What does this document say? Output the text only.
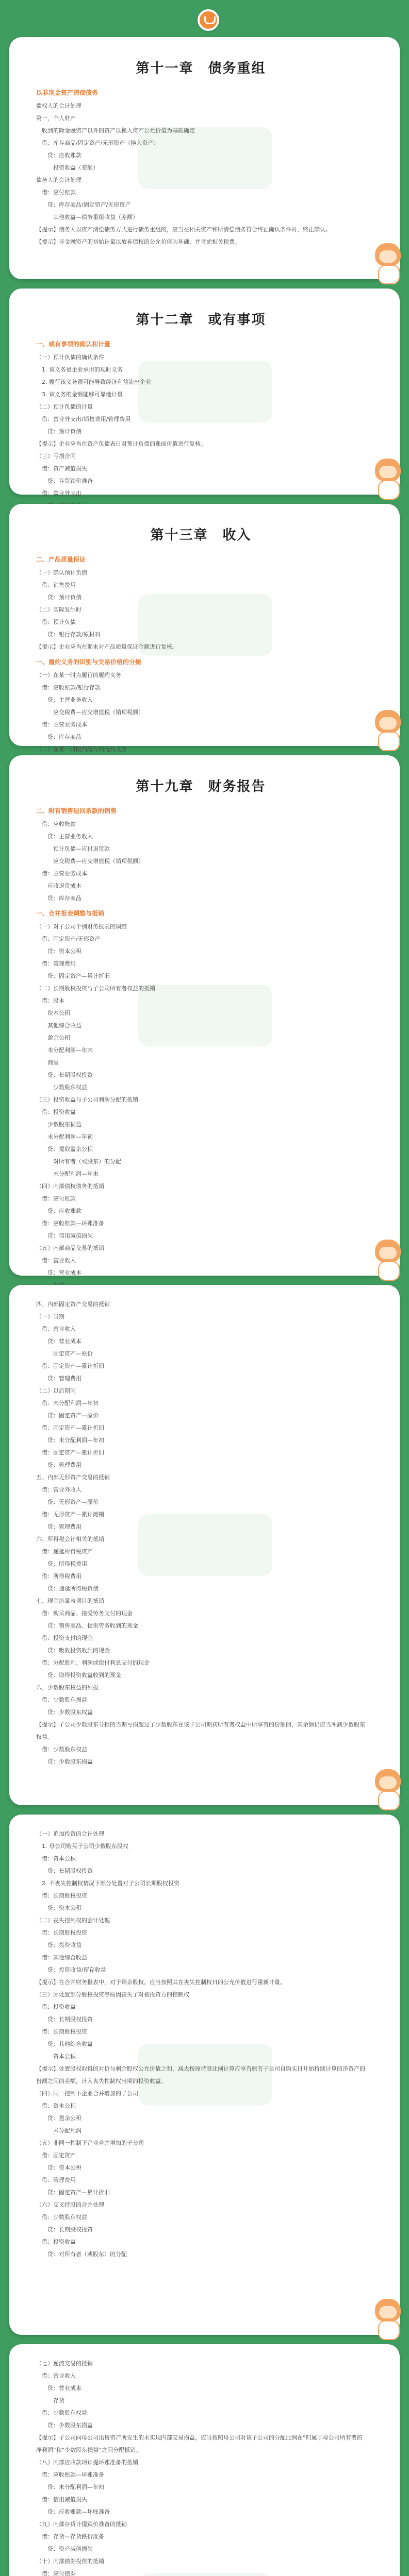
第十一章　债务重组
以非现金资产清偿债务
债权人的会计处理
第一，个人财产
　收到的除金融资产以外的资产以换入资产公允价值为基础确定
　借：库存商品/固定资产/无形资产（换入资产）
　　贷：应收账款
　　　投资收益（差额）
债务人的会计处理
　借：应付账款
　　贷：库存商品/固定资产/无形资产
　　　其他收益—债务重组收益（差额）
【提示】债务人以资产清偿债务方式进行债务重组的，应当在相关资产和所清偿债务符合终止确认条件时，终止确认。
【提示】非金融资产的初始计量以放弃债权的公允价值为基础，并考虑相关税费。
第十二章　或有事项
一、或有事项的确认和计量
（一）预计负债的确认条件
　1. 该义务是企业承担的现时义务
　2. 履行该义务很可能导致经济利益流出企业
　3. 该义务的金额能够可靠地计量
（二）预计负债的计量
　借：营业外支出/销售费用/管理费用
　　贷：预计负债
【提示】企业应当在资产负债表日对预计负债的账面价值进行复核。
（三）亏损合同
　借：资产减值损失
　　贷：存货跌价准备
　借：营业外支出
第十三章　收入
二、产品质量保证
（一）确认预计负债
　借：销售费用
　　贷：预计负债
（二）实际发生时
　借：预计负债
　　贷：银行存款/原材料
【提示】企业应当在期末对产品质量保证金额进行复核。
一、履约义务的识别与交易价格的分摊
（一）在某一时点履行的履约义务
　借：应收账款/银行存款
　　贷：主营业务收入
　　　应交税费—应交增值税（销项税额）
　借：主营业务成本
　　贷：库存商品
（二）在某一时段内履行的履约义务
第十九章　财务报告
二、附有销售退回条款的销售
　借：应收账款
　　贷：主营业务收入
　　　预计负债—应付退货款
　　　应交税费—应交增值税（销项税额）
　借：主营业务成本
　　应收退货成本
　　贷：库存商品
一、合并报表调整与抵销
（一）对子公司个别财务报表的调整
　借：固定资产/无形资产
　　贷：资本公积
　借：管理费用
　　贷：固定资产—累计折旧
（二）长期股权投资与子公司所有者权益的抵销
　借：股本
　　资本公积
　　其他综合收益
　　盈余公积
　　未分配利润—年末
　　商誉
　　贷：长期股权投资
　　　少数股东权益
（三）投资收益与子公司利润分配的抵销
　借：投资收益
　　少数股东损益
　　未分配利润—年初
　　贷：提取盈余公积
　　　对所有者（或股东）的分配
　　　未分配利润—年末
（四）内部债权债务的抵销
　借：应付账款
　　贷：应收账款
　借：应收账款—坏账准备
　　贷：信用减值损失
（五）内部商品交易的抵销
　借：营业收入
　　贷：营业成本
四、内部固定资产交易的抵销
（一）当期
　借：营业收入
　　贷：营业成本
　　　固定资产—原价
　借：固定资产—累计折旧
　　贷：管理费用
（二）以后期间
　借：未分配利润—年初
　　贷：固定资产—原价
　借：固定资产—累计折旧
　　贷：未分配利润—年初
　借：固定资产—累计折旧
　　贷：管理费用
五、内部无形资产交易的抵销
　借：营业外收入
　　贷：无形资产—原价
　借：无形资产—累计摊销
　　贷：管理费用
六、所得税会计相关的抵销
　借：递延所得税资产
　　贷：所得税费用
　借：所得税费用
　　贷：递延所得税负债
七、现金流量表项目的抵销
　借：购买商品、接受劳务支付的现金
　　贷：销售商品、提供劳务收到的现金
　借：投资支付的现金
　　贷：吸收投资收到的现金
　借：分配股利、利润或偿付利息支付的现金
　　贷：取得投资收益收到的现金
八、少数股东权益的列报
　借：少数股东损益
　　贷：少数股东权益
【提示】子公司少数股东分担的当期亏损超过了少数股东在该子公司期初所有者权益中所享有的份额的，其余额仍应当冲减少数股东权益。
　借：少数股东权益
　　贷：少数股东损益
（一）追加投资的会计处理
　1. 母公司购买子公司少数股东股权
　借：资本公积
　　贷：长期股权投资
　2. 不丧失控制权情况下部分处置对子公司长期股权投资
　借：长期股权投资
　　贷：资本公积
（二）丧失控制权的会计处理
　借：长期股权投资
　　贷：投资收益
　借：其他综合收益
　　贷：投资收益/留存收益
【提示】在合并财务报表中，对于剩余股权，应当按照其在丧失控制权日的公允价值进行重新计量。
（三）因处置部分股权投资等原因丧失了对被投资方的控制权
　借：投资收益
　　贷：长期股权投资
　借：长期股权投资
　　贷：其他综合收益
　　　资本公积
【提示】处置股权取得的对价与剩余股权公允价值之和，减去按原持股比例计算应享有原有子公司自购买日开始持续计算的净资产的份额之间的差额，计入丧失控制权当期的投资收益。
（四）同一控制下企业合并增加的子公司
　借：资本公积
　　贷：盈余公积
　　　未分配利润
（五）非同一控制下企业合并增加的子公司
　借：固定资产
　　贷：资本公积
　借：管理费用
　　贷：固定资产—累计折旧
（六）交叉持股的合并处理
　借：少数股东权益
　　贷：长期股权投资
　借：投资收益
　　贷：对所有者（或股东）的分配
（七）逆流交易的抵销
　借：营业收入
　　贷：营业成本
　　　存货
　借：少数股东权益
　　贷：少数股东损益
【提示】子公司向母公司出售资产所发生的未实现内部交易损益，应当按照母公司对该子公司的分配比例在“归属于母公司所有者的净利润”和“少数股东损益”之间分配抵销。
（八）内部应收款项计提坏账准备的抵销
　借：应收账款—坏账准备
　　贷：未分配利润—年初
　借：信用减值损失
　　贷：应收账款—坏账准备
（九）内部存货计提跌价准备的抵销
　借：存货—存货跌价准备
　　贷：资产减值损失
（十）内部债券投资的抵销
　借：应付债券
